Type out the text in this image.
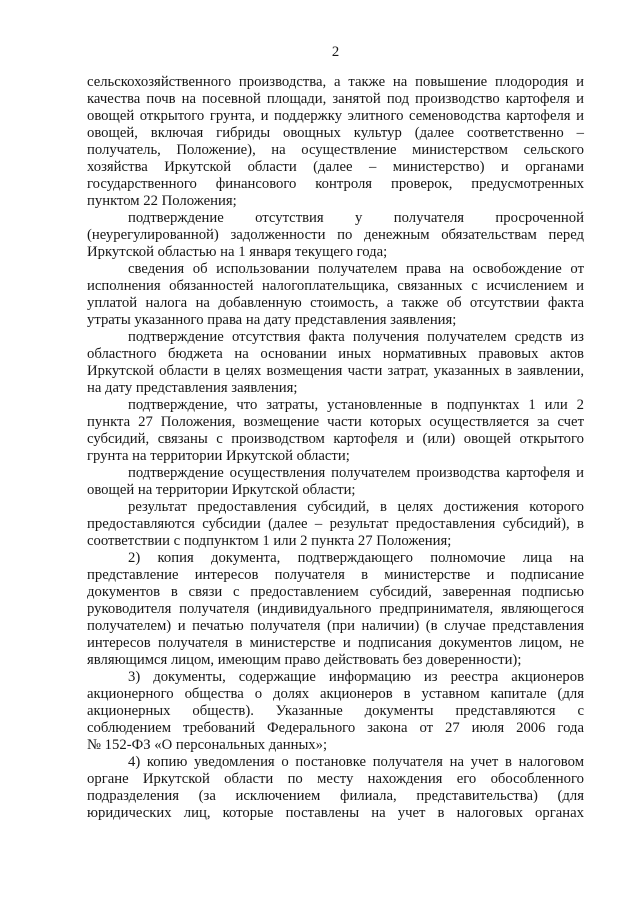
2
сельскохозяйственного производства, а также на повышение плодородия и
качества почв на посевной площади, занятой под производство картофеля и
овощей открытого грунта, и поддержку элитного семеноводства картофеля и
овощей, включая гибриды овощных культур (далее соответственно –
получатель, Положение), на осуществление министерством сельского
хозяйства Иркутской области (далее – министерство) и органами
государственного финансового контроля проверок, предусмотренных
пунктом 22 Положения;
подтверждение отсутствия у получателя просроченной
(неурегулированной) задолженности по денежным обязательствам перед
Иркутской областью на 1 января текущего года;
сведения об использовании получателем права на освобождение от
исполнения обязанностей налогоплательщика, связанных с исчислением и
уплатой налога на добавленную стоимость, а также об отсутствии факта
утраты указанного права на дату представления заявления;
подтверждение отсутствия факта получения получателем средств из
областного бюджета на основании иных нормативных правовых актов
Иркутской области в целях возмещения части затрат, указанных в заявлении,
на дату представления заявления;
подтверждение, что затраты, установленные в подпунктах 1 или 2
пункта 27 Положения, возмещение части которых осуществляется за счет
субсидий, связаны с производством картофеля и (или) овощей открытого
грунта на территории Иркутской области;
подтверждение осуществления получателем производства картофеля и
овощей на территории Иркутской области;
результат предоставления субсидий, в целях достижения которого
предоставляются субсидии (далее – результат предоставления субсидий), в
соответствии с подпунктом 1 или 2 пункта 27 Положения;
2) копия документа, подтверждающего полномочие лица на
представление интересов получателя в министерстве и подписание
документов в связи с предоставлением субсидий, заверенная подписью
руководителя получателя (индивидуального предпринимателя, являющегося
получателем) и печатью получателя (при наличии) (в случае представления
интересов получателя в министерстве и подписания документов лицом, не
являющимся лицом, имеющим право действовать без доверенности);
3) документы, содержащие информацию из реестра акционеров
акционерного общества о долях акционеров в уставном капитале (для
акционерных обществ). Указанные документы представляются с
соблюдением требований Федерального закона от 27 июля 2006 года
№ 152-ФЗ «О персональных данных»;
4) копию уведомления о постановке получателя на учет в налоговом
органе Иркутской области по месту нахождения его обособленного
подразделения (за исключением филиала, представительства) (для
юридических лиц, которые поставлены на учет в налоговых органах
